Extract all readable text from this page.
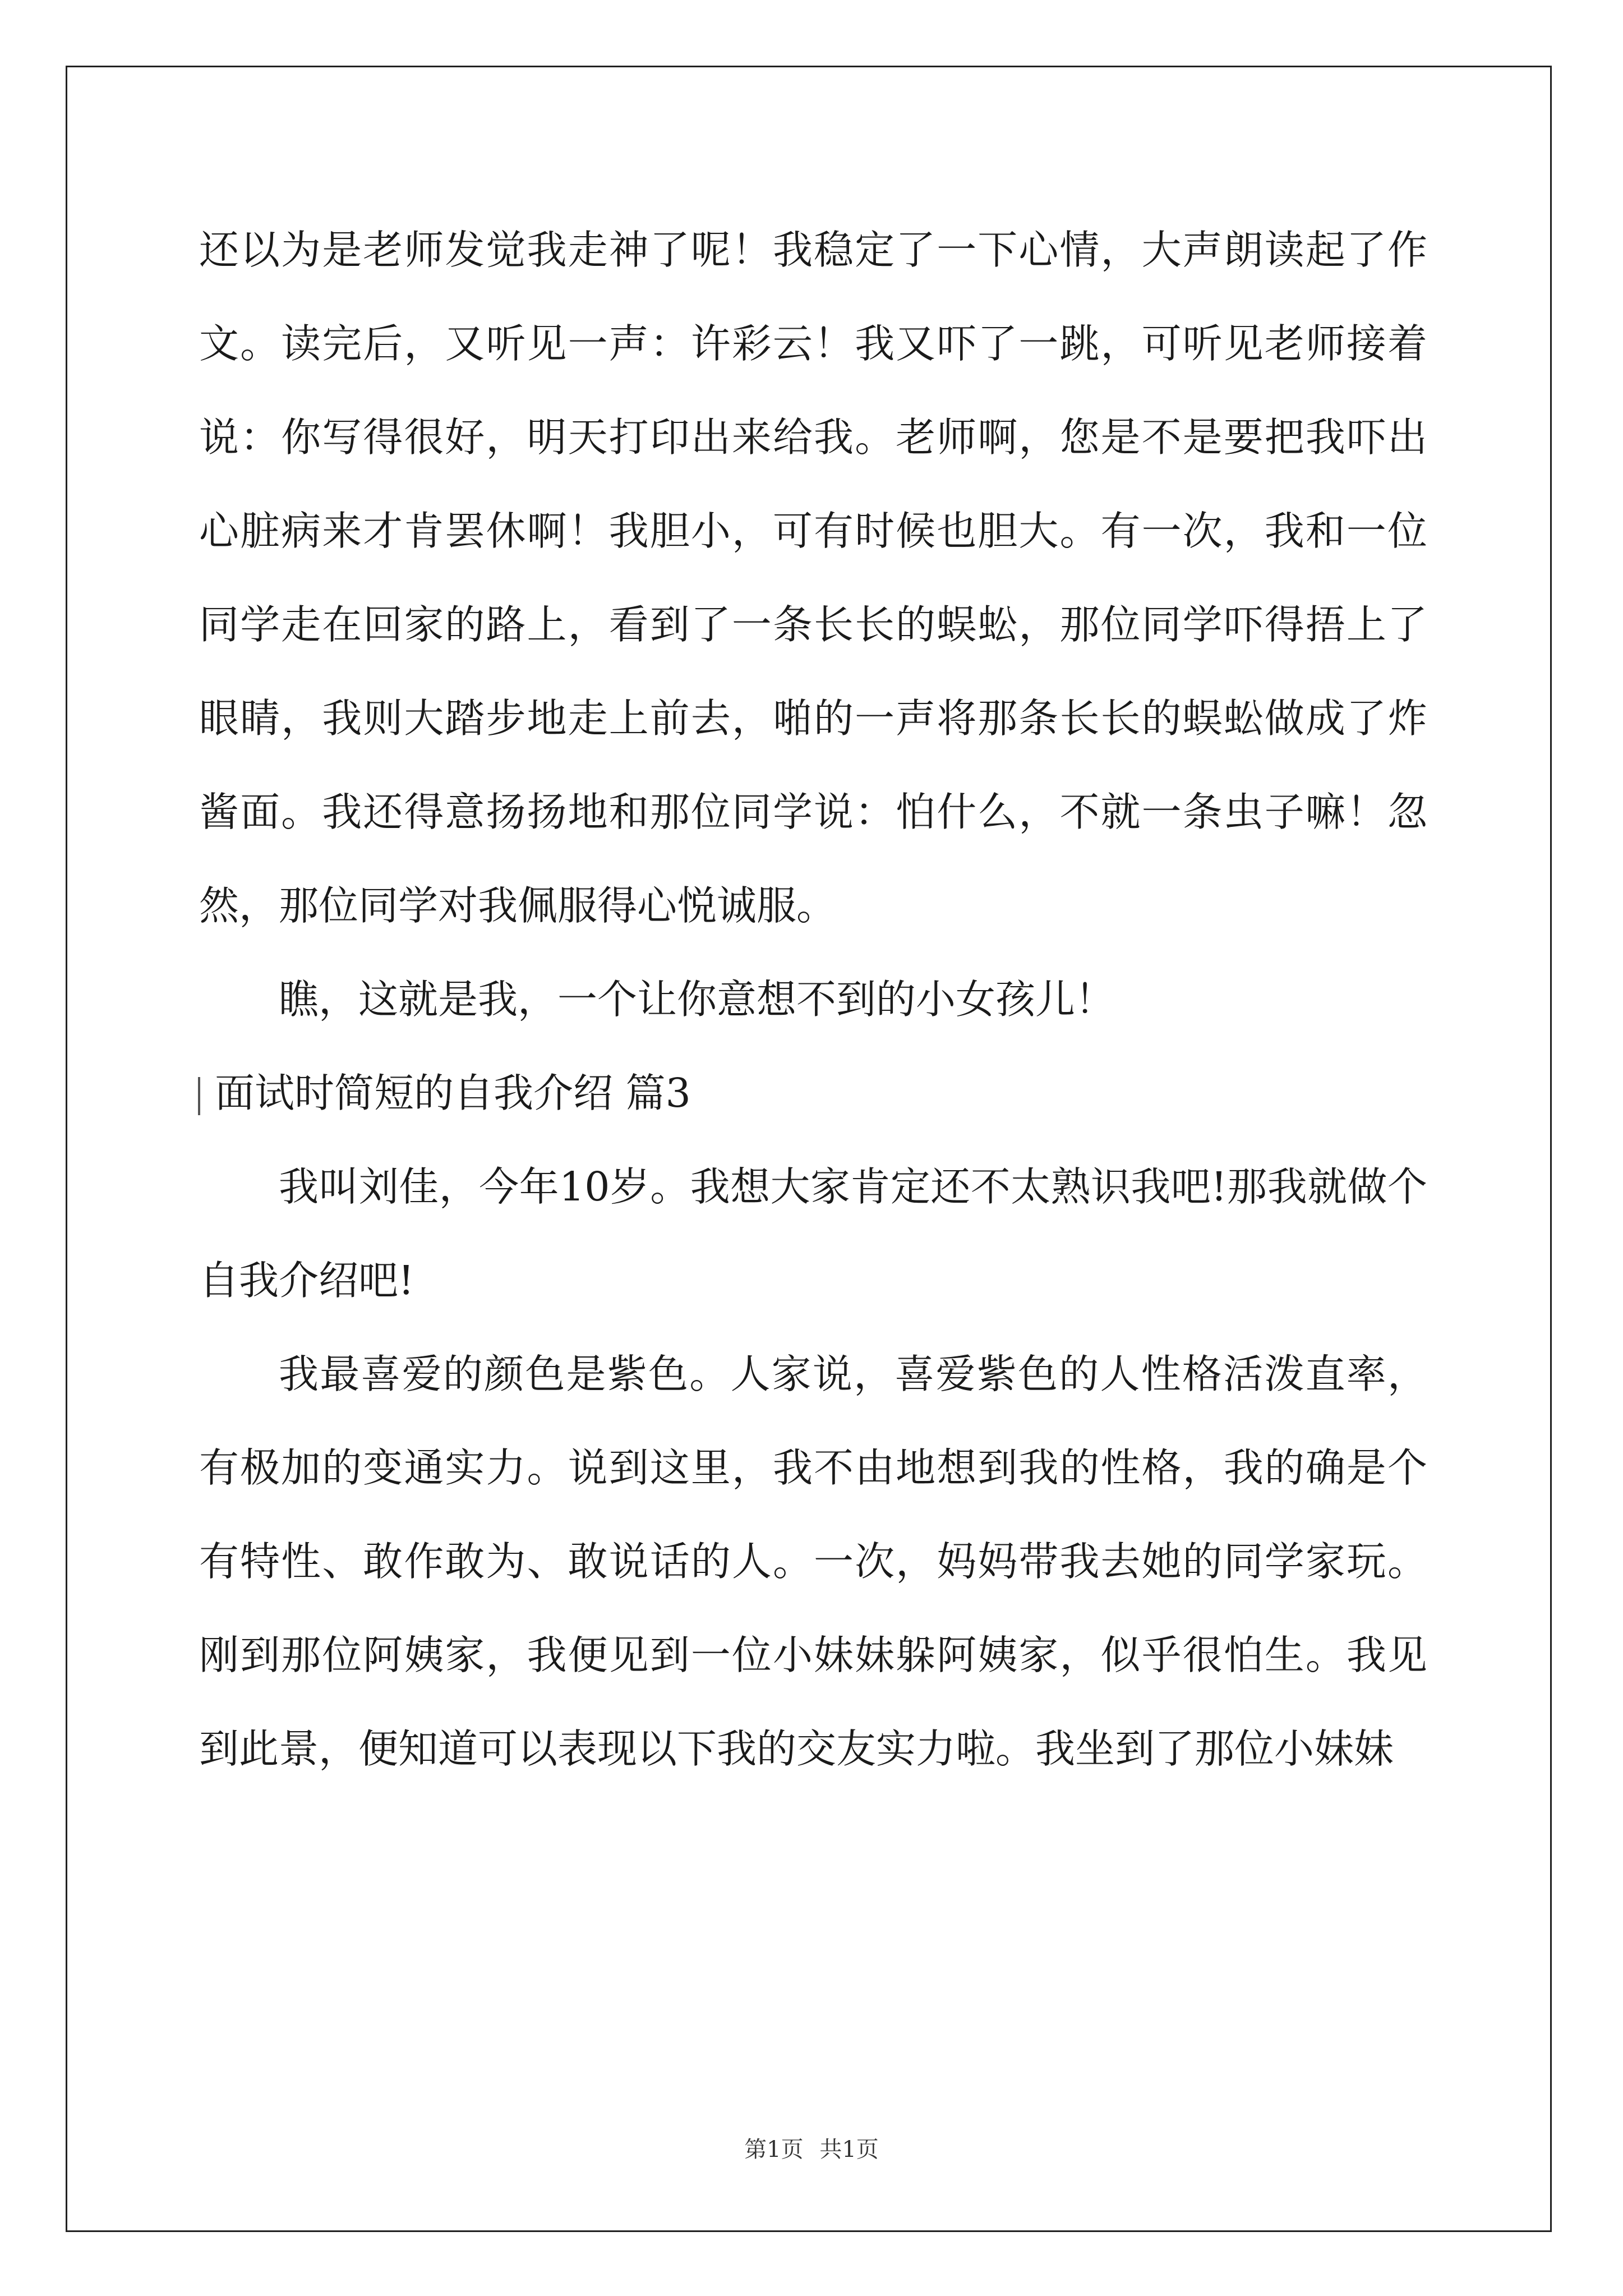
还以为是老师发觉我走神了呢！我稳定了一下心情，大声朗读起了作文。读完后，又听见一声：许彩云！我又吓了一跳，可听见老师接着说：你写得很好，明天打印出来给我。老师啊，您是不是要把我吓出心脏病来才肯罢休啊！我胆小，可有时候也胆大。有一次，我和一位同学走在回家的路上，看到了一条长长的蜈蚣，那位同学吓得捂上了眼睛，我则大踏步地走上前去，啪的一声将那条长长的蜈蚣做成了炸酱面。我还得意扬扬地和那位同学说：怕什么，不就一条虫子嘛！忽然，那位同学对我佩服得心悦诚服。

瞧，这就是我，一个让你意想不到的小女孩儿！

面试时简短的自我介绍 篇3

我叫刘佳，今年10岁。我想大家肯定还不太熟识我吧!那我就做个自我介绍吧!

我最喜爱的颜色是紫色。人家说，喜爱紫色的人性格活泼直率，有极加的变通实力。说到这里，我不由地想到我的性格，我的确是个有特性、敢作敢为、敢说话的人。一次，妈妈带我去她的同学家玩。刚到那位阿姨家，我便见到一位小妹妹躲阿姨家，似乎很怕生。我见到此景，便知道可以表现以下我的交友实力啦。我坐到了那位小妹妹

第1页 共1页
